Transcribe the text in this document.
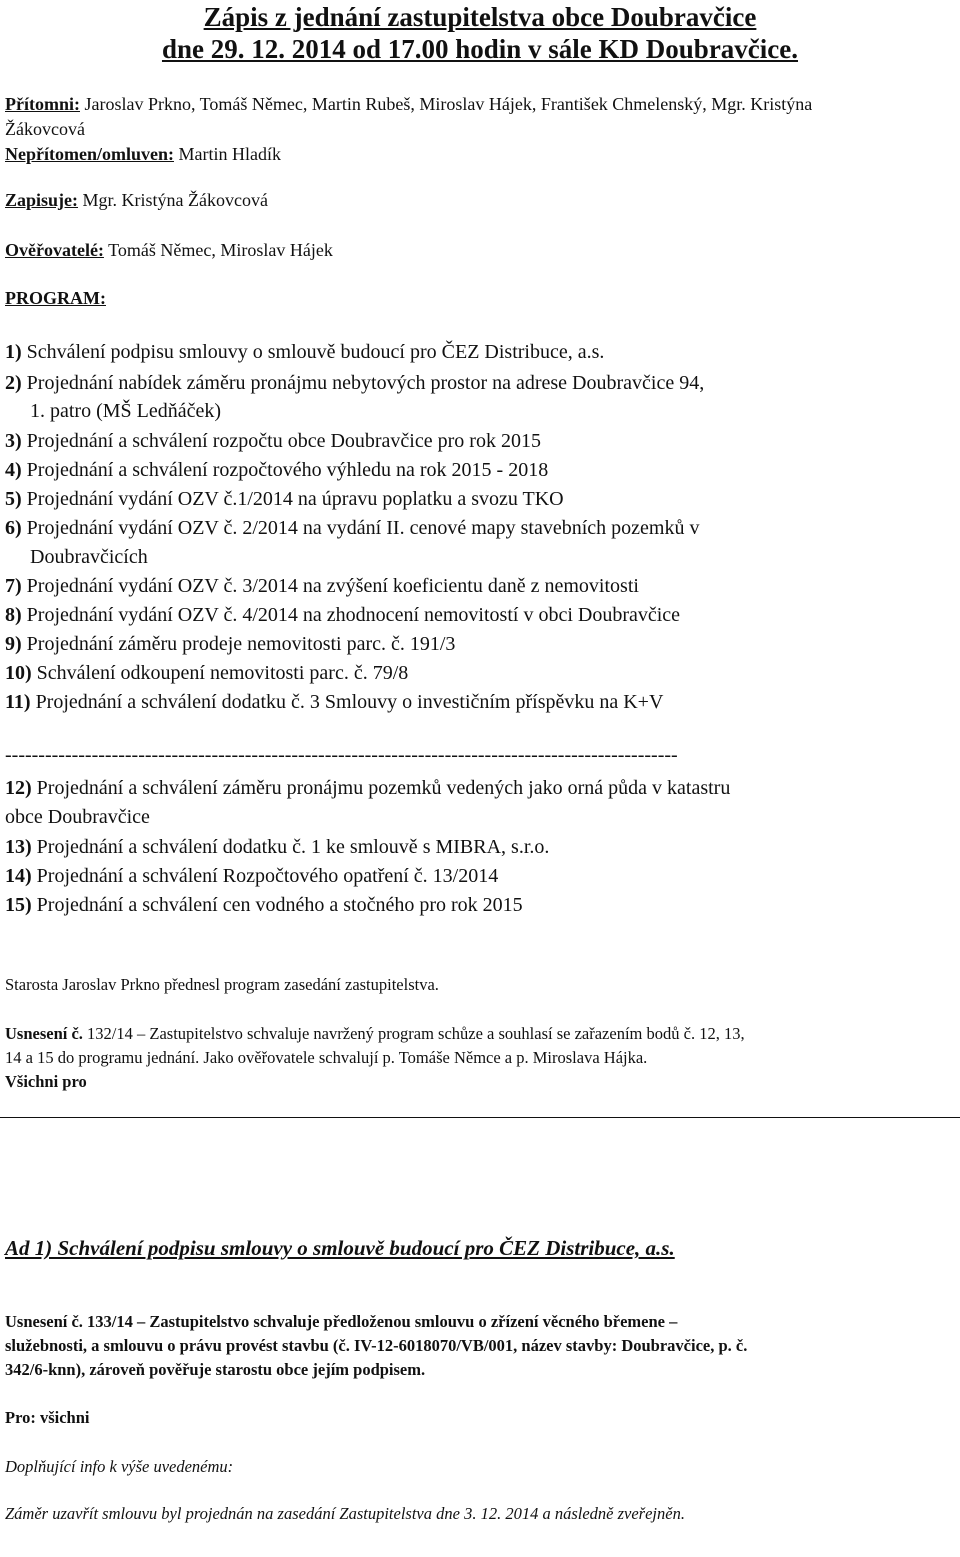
Zápis z jednání zastupitelstva obce Doubravčice
dne 29. 12. 2014 od 17.00 hodin v sále KD Doubravčice.
Přítomni: Jaroslav Prkno, Tomáš Němec, Martin Rubeš, Miroslav Hájek, František Chmelenský, Mgr. Kristýna
Žákovcová
Nepřítomen/omluven: Martin Hladík
Zapisuje: Mgr. Kristýna Žákovcová
Ověřovatelé: Tomáš Němec, Miroslav Hájek
PROGRAM:
1) Schválení podpisu smlouvy o smlouvě budoucí pro ČEZ Distribuce, a.s.
2) Projednání nabídek záměru pronájmu nebytových prostor na adrese Doubravčice 94,
1. patro (MŠ Ledňáček)
3) Projednání a schválení rozpočtu obce Doubravčice pro rok 2015
4) Projednání a schválení rozpočtového výhledu na rok 2015 - 2018
5) Projednání vydání OZV č.1/2014 na úpravu poplatku a svozu TKO
6) Projednání vydání OZV č. 2/2014 na vydání II. cenové mapy stavebních pozemků v
Doubravčicích
7) Projednání vydání OZV č. 3/2014 na zvýšení koeficientu daně z nemovitosti
8) Projednání vydání OZV č. 4/2014 na zhodnocení nemovitostí v obci Doubravčice
9) Projednání záměru prodeje nemovitosti parc. č. 191/3
10) Schválení odkoupení nemovitosti parc. č. 79/8
11) Projednání a schválení dodatku č. 3 Smlouvy o investičním příspěvku na K+V
-----------------------------------------------------------------------------------------------------
12) Projednání a schválení záměru pronájmu pozemků vedených jako orná půda v katastru
obce Doubravčice
13) Projednání a schválení dodatku č. 1 ke smlouvě s MIBRA, s.r.o.
14) Projednání a schválení Rozpočtového opatření č. 13/2014
15) Projednání a schválení cen vodného a stočného pro rok 2015
Starosta Jaroslav Prkno přednesl program zasedání zastupitelstva.
Usnesení č. 132/14 – Zastupitelstvo schvaluje navržený program schůze a souhlasí se zařazením bodů č. 12, 13,
14 a 15 do programu jednání. Jako ověřovatele schvalují p. Tomáše Němce a p. Miroslava Hájka.
Všichni pro
Ad 1) Schválení podpisu smlouvy o smlouvě budoucí pro ČEZ Distribuce, a.s.
Usnesení č. 133/14 – Zastupitelstvo schvaluje předloženou smlouvu o zřízení věcného břemene –
služebnosti, a smlouvu o právu provést stavbu (č. IV-12-6018070/VB/001, název stavby: Doubravčice, p. č.
342/6-knn), zároveň pověřuje starostu obce jejím podpisem.
Pro: všichni
Doplňující info k výše uvedenému:
Záměr uzavřít smlouvu byl projednán na zasedání Zastupitelstva dne 3. 12. 2014 a následně zveřejněn.
